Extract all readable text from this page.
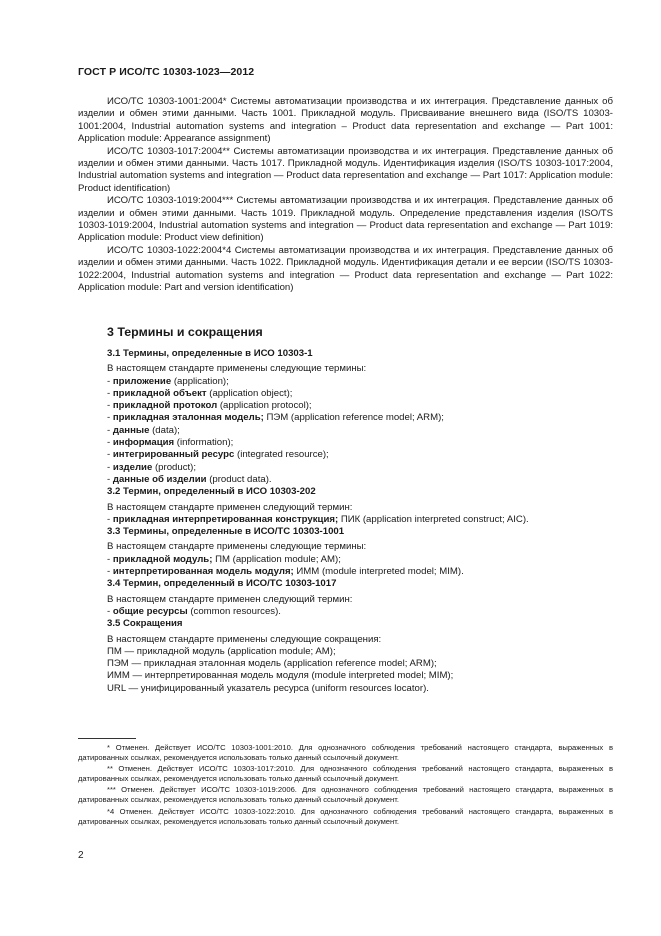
ГОСТ Р ИСО/ТС 10303-1023—2012

ИСО/ТС 10303-1001:2004* Системы автоматизации производства и их интеграция. Представление данных об изделии и обмен этими данными. Часть 1001. Прикладной модуль. Присваивание внешнего вида (ISO/TS 10303-1001:2004, Industrial automation systems and integration – Product data representation and exchange — Part 1001: Application module: Appearance assignment)

ИСО/ТС 10303-1017:2004** Системы автоматизации производства и их интеграция. Представление данных об изделии и обмен этими данными. Часть 1017. Прикладной модуль. Идентификация изделия (ISO/TS 10303-1017:2004, Industrial automation systems and integration — Product data representation and exchange — Part 1017: Application module: Product identification)

ИСО/ТС 10303-1019:2004*** Системы автоматизации производства и их интеграция. Представление данных об изделии и обмен этими данными. Часть 1019. Прикладной модуль. Определение представления изделия (ISO/TS 10303-1019:2004, Industrial automation systems and integration — Product data representation and exchange — Part 1019: Application module: Product view definition)

ИСО/ТС 10303-1022:2004*4 Системы автоматизации производства и их интеграция. Представление данных об изделии и обмен этими данными. Часть 1022. Прикладной модуль. Идентификация детали и ее версии (ISO/TS 10303-1022:2004, Industrial automation systems and integration — Product data representation and exchange — Part 1022: Application module: Part and version identification)

3 Термины и сокращения
3.1 Термины, определенные в ИСО 10303-1
В настоящем стандарте применены следующие термины:
- приложение (application);
- прикладной объект (application object);
- прикладной протокол (application protocol);
- прикладная эталонная модель; ПЭМ (application reference model; ARM);
- данные (data);
- информация (information);
- интегрированный ресурс (integrated resource);
- изделие (product);
- данные об изделии (product data).
3.2 Термин, определенный в ИСО 10303-202
В настоящем стандарте применен следующий термин:
- прикладная интерпретированная конструкция; ПИК (application interpreted construct; AIC).
3.3 Термины, определенные в ИСО/ТС 10303-1001
В настоящем стандарте применены следующие термины:
- прикладной модуль; ПМ (application module; AM);
- интерпретированная модель модуля; ИММ (module interpreted model; MIM).
3.4 Термин, определенный в ИСО/ТС 10303-1017
В настоящем стандарте применен следующий термин:
- общие ресурсы (common resources).
3.5 Сокращения
В настоящем стандарте применены следующие сокращения:
ПМ — прикладной модуль (application module; AM);
ПЭМ — прикладная эталонная модель (application reference model; ARM);
ИММ — интерпретированная модель модуля (module interpreted model; MIM);
URL — унифицированный указатель ресурса (uniform resources locator).

* Отменен. Действует ИСО/ТС 10303-1001:2010. Для однозначного соблюдения требований настоящего стандарта, выраженных в датированных ссылках, рекомендуется использовать только данный ссылочный документ.

** Отменен. Действует ИСО/ТС 10303-1017:2010. Для однозначного соблюдения требований настоящего стандарта, выраженных в датированных ссылках, рекомендуется использовать только данный ссылочный документ.

*** Отменен. Действует ИСО/ТС 10303-1019:2006. Для однозначного соблюдения требований настоящего стандарта, выраженных в датированных ссылках, рекомендуется использовать только данный ссылочный документ.

*4 Отменен. Действует ИСО/ТС 10303-1022:2010. Для однозначного соблюдения требований настоящего стандарта, выраженных в датированных ссылках, рекомендуется использовать только данный ссылочный документ.

2
